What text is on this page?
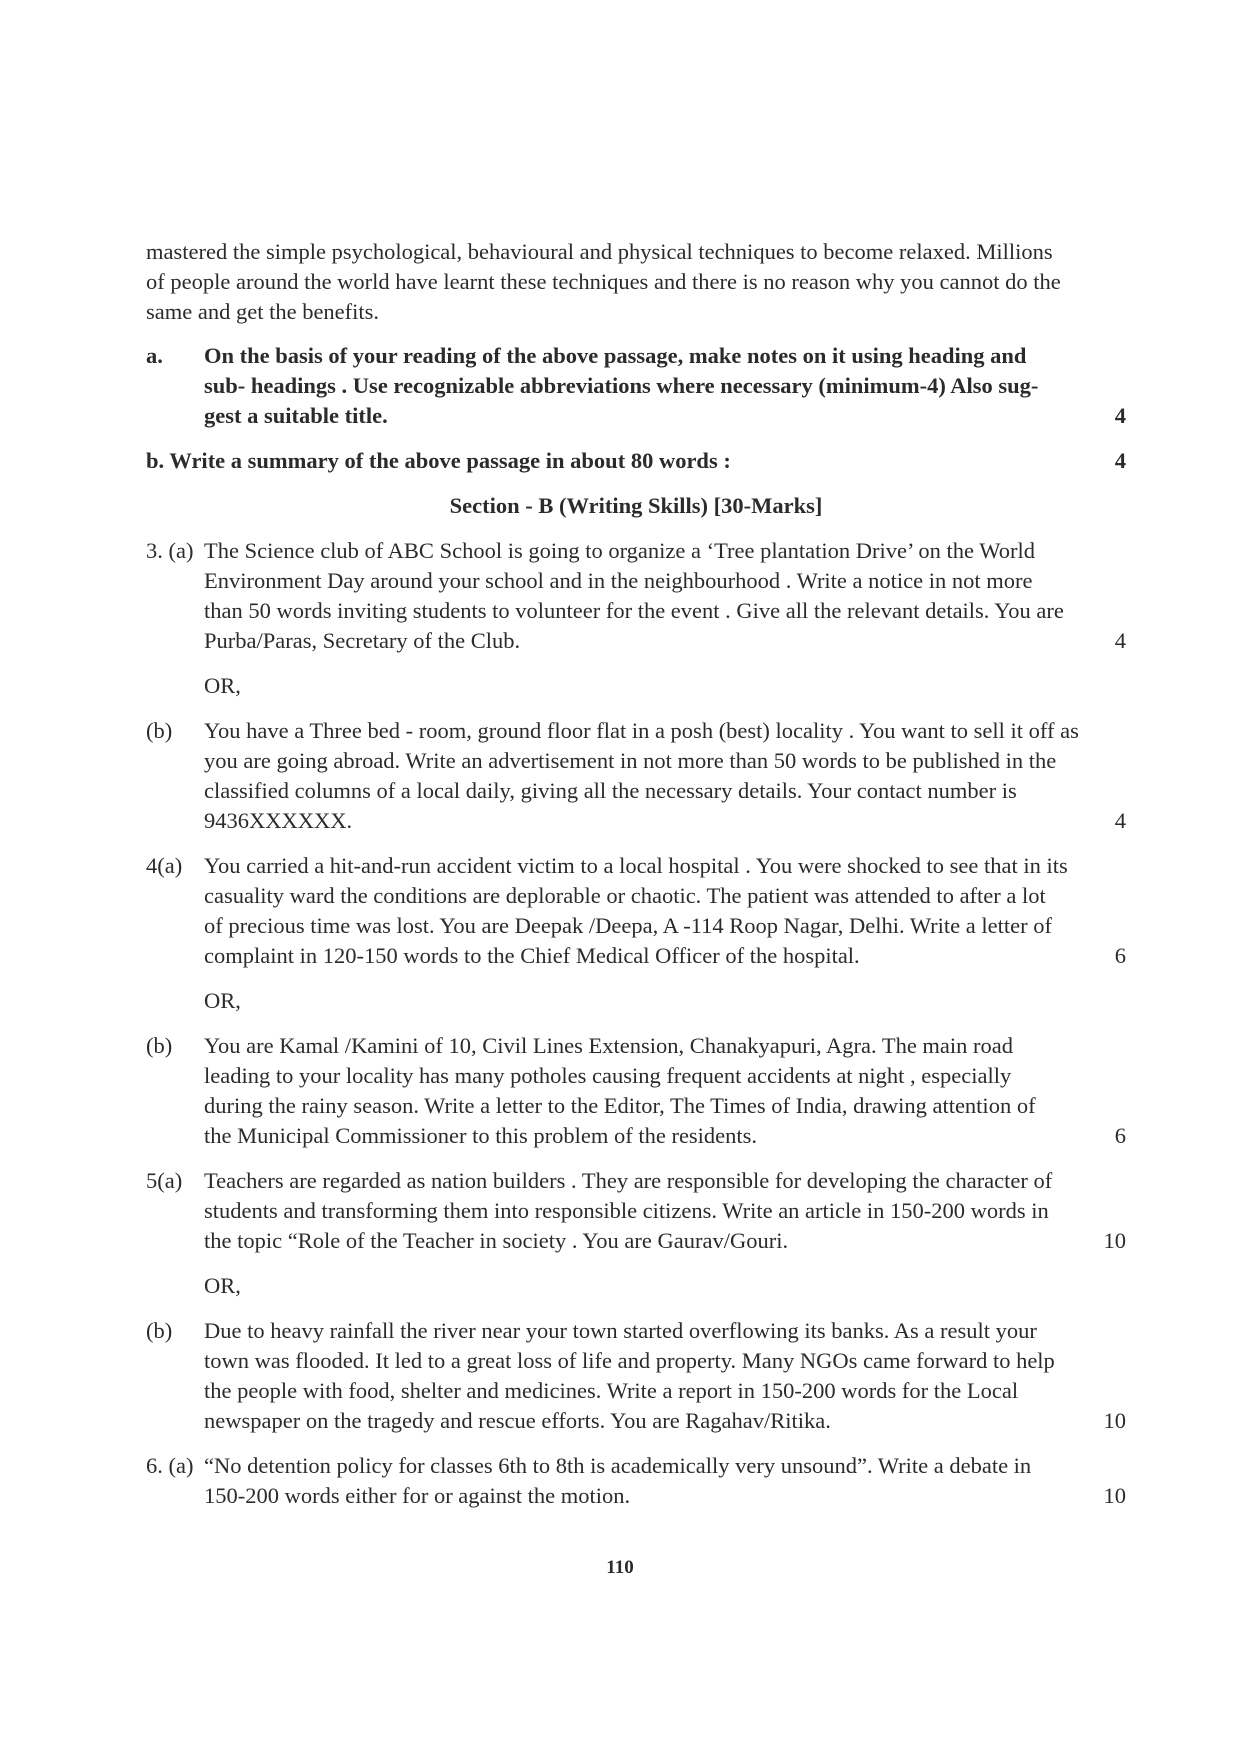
mastered the simple psychological, behavioural and physical techniques to become relaxed. Millions

of people around the world have learnt these techniques and there is no reason why you cannot do the

same and get the benefits.

a.	On the basis of your reading of the above passage, make notes on it using heading and

sub- headings . Use recognizable abbreviations where necessary (minimum-4) Also sug-

gest a suitable title.	4
b. Write a summary of the above passage in about 80 words :	4
Section - B (Writing Skills) [30-Marks]
3. (a) The Science club of ABC School is going to organize a ‘Tree plantation Drive’ on the World

Environment Day around your school and in the neighbourhood . Write a notice in not more

than 50 words inviting students to volunteer for the event . Give all the relevant details. You are

Purba/Paras, Secretary of the Club.	4
OR,
(b)	You have a Three bed - room, ground floor flat in a posh (best) locality . You want to sell it off as

you are going abroad. Write an advertisement in not more than 50 words to be published in the

classified columns of a local daily, giving all the necessary details. Your contact number is

9436XXXXXX.	4
4(a) You carried a hit-and-run accident victim to a local hospital . You were shocked to see that in its

casuality ward the conditions are deplorable or chaotic. The patient was attended to after a lot

of precious time was lost. You are Deepak /Deepa, A -114 Roop Nagar, Delhi. Write a letter of

complaint in 120-150 words to the Chief Medical Officer of the hospital.	6
OR,
(b)	You are Kamal /Kamini of 10, Civil Lines Extension, Chanakyapuri, Agra. The main road

leading to your locality has many potholes causing frequent accidents at night , especially

during the rainy season. Write a letter to the Editor, The Times of India, drawing attention of

the Municipal Commissioner to this problem of the residents.	6
5(a) Teachers are regarded as nation builders . They are responsible for developing the character of

students and transforming them into responsible citizens. Write an article in 150-200 words in

the topic “Role of the Teacher in society . You are Gaurav/Gouri.	10
OR,
(b)	Due to heavy rainfall the river near your town started overflowing its banks. As a result your

town was flooded. It led to a great loss of life and property. Many NGOs came forward to help

the people with food, shelter and medicines. Write a report in 150-200 words for the Local

newspaper on the tragedy and rescue efforts. You are Ragahav/Ritika.	10
6. (a) “No detention policy for classes 6th to 8th is academically very unsound”. Write a debate in

150-200 words either for or against the motion.	10
110
